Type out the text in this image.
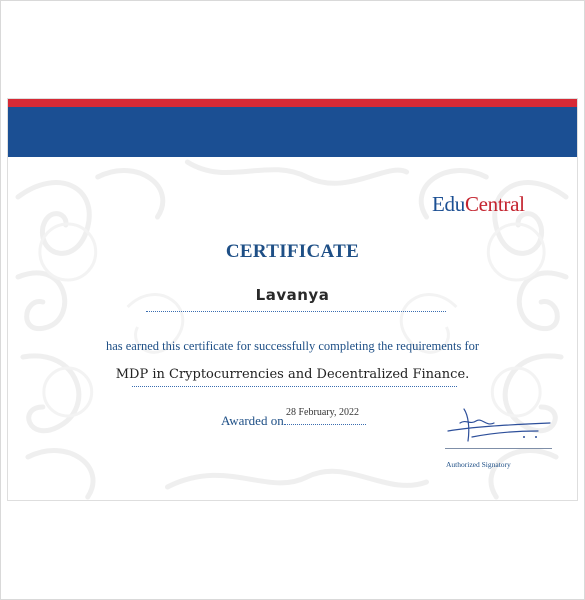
EduCentral
CERTIFICATE
Lavanya
has earned this certificate for successfully completing the requirements for
MDP in Cryptocurrencies and Decentralized Finance.
Awarded on
28 February, 2022
Authorized Signatory
